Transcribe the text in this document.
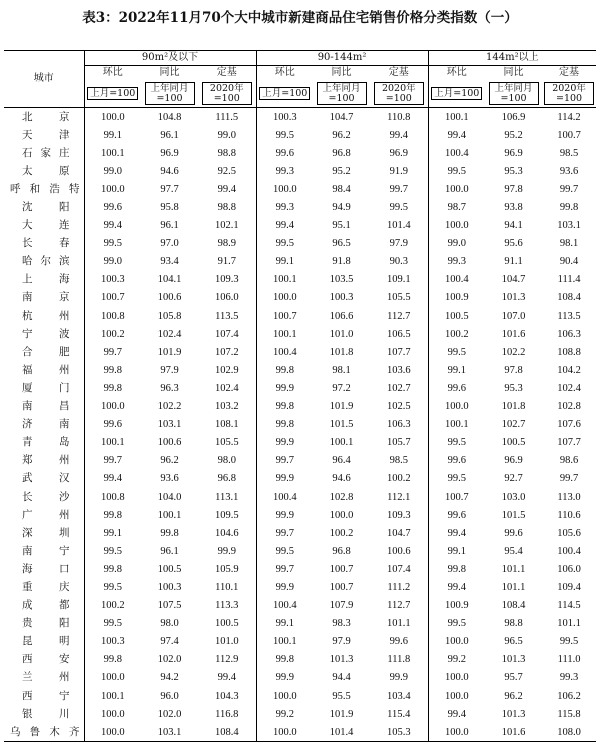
表3：2022年11月70个大中城市新建商品住宅销售价格分类指数（一）
城市	90m²及以下			90-144m²			144m²以上		
	环比	同比	定基	环比	同比	定基	环比	同比	定基
	上月=100	上年同月=100	2020年=100	上月=100	上年同月=100	2020年=100	上月=100	上年同月=100	2020年=100
北京	100.0	104.8	111.5	100.3	104.7	110.8	100.1	106.9	114.2
天津	99.1	96.1	99.0	99.5	96.2	99.4	99.4	95.2	100.7
石家庄	100.1	96.9	98.8	99.6	96.8	96.9	100.4	96.9	98.5
太原	99.0	94.6	92.5	99.3	95.2	91.9	99.5	95.3	93.6
呼和浩特	100.0	97.7	99.4	100.0	98.4	99.7	100.0	97.8	99.7
沈阳	99.6	95.8	98.8	99.3	94.9	99.5	98.7	93.8	99.8
大连	99.4	96.1	102.1	99.4	95.1	101.4	100.0	94.1	103.1
长春	99.5	97.0	98.9	99.5	96.5	97.9	99.0	95.6	98.1
哈尔滨	99.0	93.4	91.7	99.1	91.8	90.3	99.3	91.1	90.4
上海	100.3	104.1	109.3	100.1	103.5	109.1	100.4	104.7	111.4
南京	100.7	100.6	106.0	100.0	100.3	105.5	100.9	101.3	108.4
杭州	100.8	105.8	113.5	100.7	106.6	112.7	100.5	107.0	113.5
宁波	100.2	102.4	107.4	100.1	101.0	106.5	100.2	101.6	106.3
合肥	99.7	101.9	107.2	100.4	101.8	107.7	99.5	102.2	108.8
福州	99.8	97.9	102.9	99.8	98.1	103.6	99.1	97.8	104.2
厦门	99.8	96.3	102.4	99.9	97.2	102.7	99.6	95.3	102.4
南昌	100.0	102.2	103.2	99.8	101.9	102.5	100.0	101.8	102.8
济南	99.6	103.1	108.1	99.8	101.5	106.3	100.1	102.7	107.6
青岛	100.1	100.6	105.5	99.9	100.1	105.7	99.5	100.5	107.7
郑州	99.7	96.2	98.0	99.7	96.4	98.5	99.6	96.9	98.6
武汉	99.4	93.6	96.8	99.9	94.6	100.2	99.5	92.7	99.7
长沙	100.8	104.0	113.1	100.4	102.8	112.1	100.7	103.0	113.0
广州	99.8	100.1	109.5	99.9	100.0	109.3	99.6	101.5	110.6
深圳	99.1	99.8	104.6	99.7	100.2	104.7	99.4	99.6	105.6
南宁	99.5	96.1	99.9	99.5	96.8	100.6	99.1	95.4	100.4
海口	99.8	100.5	105.9	99.7	100.7	107.4	99.8	101.1	106.0
重庆	99.5	100.3	110.1	99.9	100.7	111.2	99.4	101.1	109.4
成都	100.2	107.5	113.3	100.4	107.9	112.7	100.9	108.4	114.5
贵阳	99.5	98.0	100.5	99.1	98.3	101.1	99.5	98.8	101.1
昆明	100.3	97.4	101.0	100.1	97.9	99.6	100.0	96.5	99.5
西安	99.8	102.0	112.9	99.8	101.3	111.8	99.2	101.3	111.0
兰州	100.0	94.2	99.4	99.9	94.4	99.9	100.0	95.7	99.3
西宁	100.1	96.0	104.3	100.0	95.5	103.4	100.0	96.2	106.2
银川	100.0	102.0	116.8	99.2	101.9	115.4	99.4	101.3	115.8
乌鲁木齐	100.0	103.1	108.4	100.0	101.4	105.3	100.0	101.6	108.0
